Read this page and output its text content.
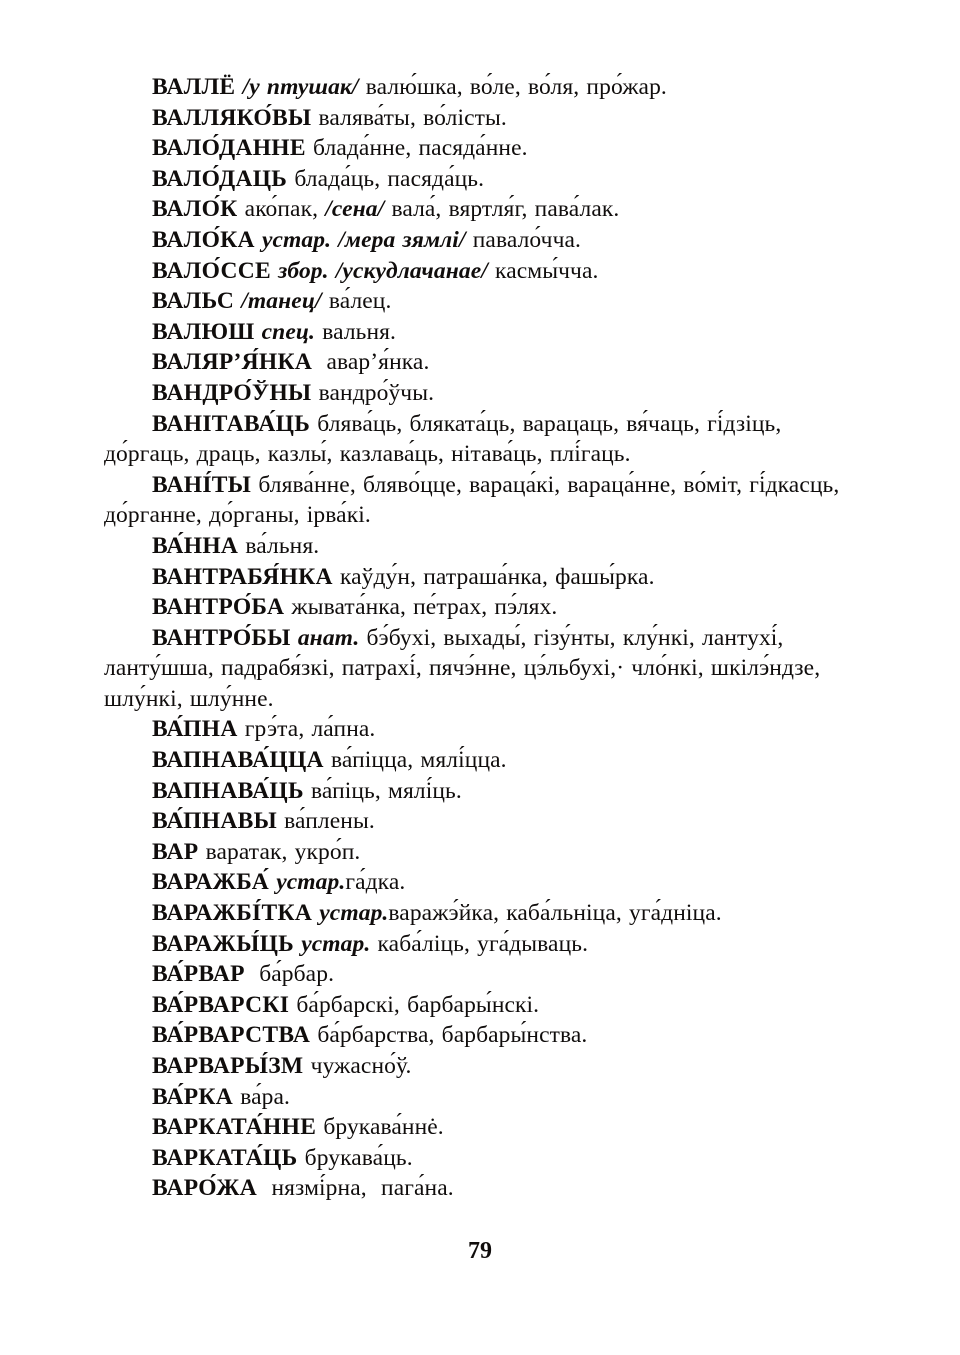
ВАЛЛЁ /у птушак/ валю́шка, во́ле, во́ля, про́жар.

ВАЛЛЯКО́ВЫ валява́ты, во́лісты.

ВАЛО́ДАННЕ блада́нне, пасяда́нне.

ВАЛО́ДАЦЬ блада́ць, пасяда́ць.

ВАЛО́К ако́пак, /сена/ вала́, вяртля́г, пава́лак.

ВАЛО́КА устар. /мера зямлі/ павало́чча.

ВАЛО́ССЕ збор. /ускудлачанае/ касмы́чча.

ВАЛЬС /танец/ ва́лец.

ВАЛЮШ спец. вальня.

ВАЛЯР’Я́НКА  авар’я́нка.

ВАНДРО́ЎНЫ вандро́ўчы.

ВАНІТАВА́ЦЬ блява́ць, бляката́ць, варацаць, вя́чаць, гі́дзіць, до́ргаць, драць, казлы́, казлава́ць, нітава́ць, плі́гаць.

ВАНІ́ТЫ блява́нне, бляво́цце, вараца́кі, вараца́нне, во́міт, гі́дкасць, до́рганне, до́рганы, ірва́кі.

ВА́ННА ва́льня.

ВАНТРАБЯ́НКА каўду́н, патраша́нка, фашы́рка.

ВАНТРО́БА жывата́нка, пе́трах, пэ́лях.

ВАНТРО́БЫ анат. бэ́бухі, выхады́, гізу́нты, клу́нкі, лантухі́, ланту́шша, падрабя́зкі, патрахі́, пячэ́нне, цэ́льбухі,· чло́нкі, шкілэ́ндзе, шлу́нкі, шлу́нне.

ВА́ПНА грэ́та, ла́пна.

ВАПНАВА́ЦЦА ва́піцца, мялі́цца.

ВАПНАВА́ЦЬ ва́піць, мялі́ць.

ВА́ПНАВЫ ва́плены.

ВАР варатак, укро́п.

ВАРАЖБА́ устар.га́дка.

ВАРАЖБІ́ТКА устар.варажэ́йка, каба́льніца, уга́дніца.

ВАРАЖЫ́ЦЬ устар. каба́ліць, уга́дываць.

ВА́РВАР  ба́рбар.

ВА́РВАРСКІ ба́рбарскі, барбары́нскі.

ВА́РВАРСТВА ба́рбарства, барбары́нства.

ВАРВАРЫ́ЗМ чужасно́ў.

ВА́РКА ва́ра.

ВАРКАТА́ННЕ брукава́ннė.

ВАРКАТА́ЦЬ брукава́ць.

ВАРО́ЖА  нязмі́рна,  пага́на.

79
